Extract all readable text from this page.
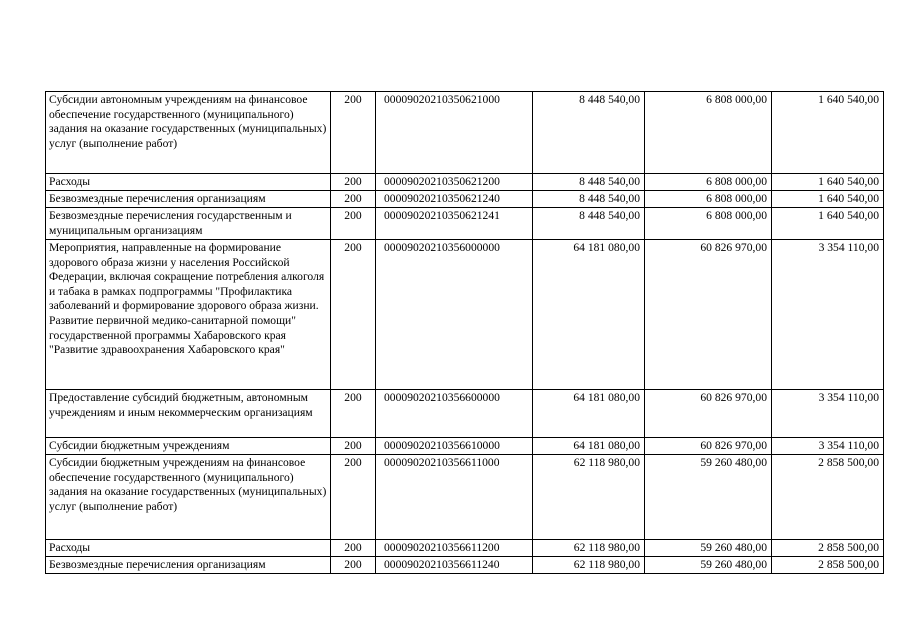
Субсидии автономным учреждениям на финансовое обеспечение государственного (муниципального) задания на оказание государственных (муниципальных) услуг (выполнение работ)	200	00009020210350621000	8 448 540,00	6 808 000,00	1 640 540,00
Расходы	200	00009020210350621200	8 448 540,00	6 808 000,00	1 640 540,00
Безвозмездные перечисления организациям	200	00009020210350621240	8 448 540,00	6 808 000,00	1 640 540,00
Безвозмездные перечисления государственным и муниципальным организациям	200	00009020210350621241	8 448 540,00	6 808 000,00	1 640 540,00
Мероприятия, направленные на формирование здорового образа жизни у населения Российской Федерации, включая сокращение потребления алкоголя и табака в рамках подпрограммы "Профилактика заболеваний и формирование здорового образа жизни. Развитие первичной медико-санитарной помощи" государственной программы Хабаровского края "Развитие здравоохранения Хабаровского края"	200	00009020210356000000	64 181 080,00	60 826 970,00	3 354 110,00
Предоставление субсидий бюджетным, автономным учреждениям и иным некоммерческим организациям	200	00009020210356600000	64 181 080,00	60 826 970,00	3 354 110,00
Субсидии бюджетным учреждениям	200	00009020210356610000	64 181 080,00	60 826 970,00	3 354 110,00
Субсидии бюджетным учреждениям на финансовое обеспечение государственного (муниципального) задания на оказание государственных (муниципальных) услуг (выполнение работ)	200	00009020210356611000	62 118 980,00	59 260 480,00	2 858 500,00
Расходы	200	00009020210356611200	62 118 980,00	59 260 480,00	2 858 500,00
Безвозмездные перечисления организациям	200	00009020210356611240	62 118 980,00	59 260 480,00	2 858 500,00
